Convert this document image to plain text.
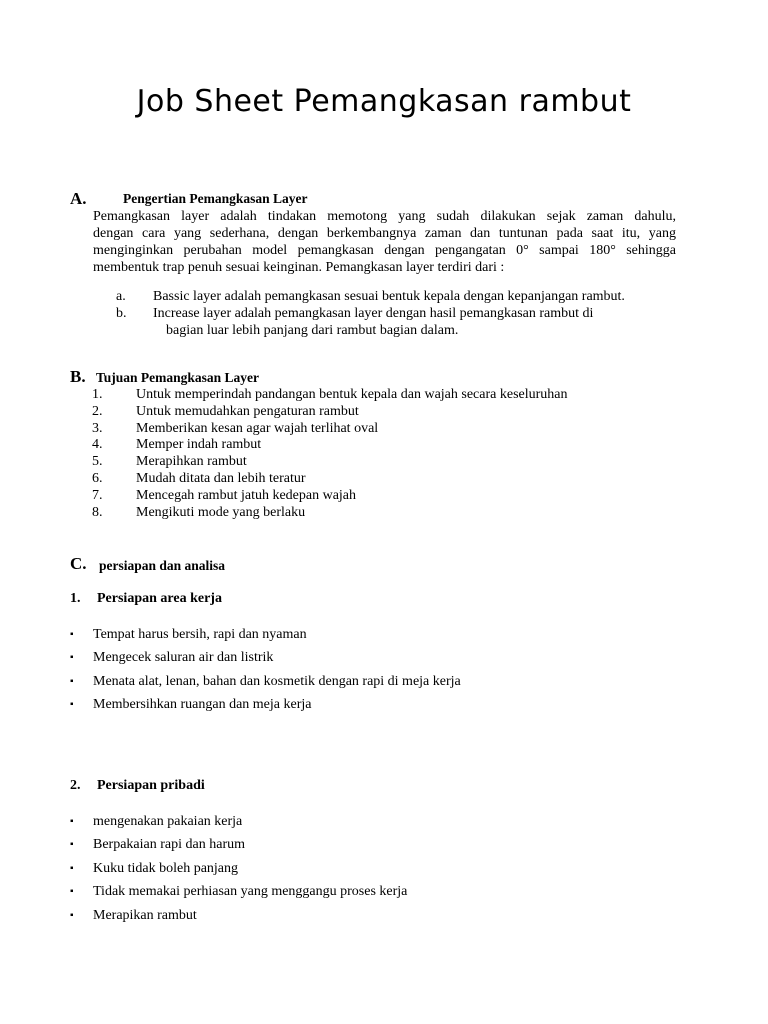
Job Sheet Pemangkasan rambut
A.	Pengertian Pemangkasan Layer
Pemangkasan layer adalah tindakan memotong yang sudah dilakukan sejak zaman dahulu,
dengan cara yang sederhana, dengan berkembangnya zaman dan tuntunan pada saat itu, yang
menginginkan perubahan model pemangkasan dengan pengangatan 0° sampai 180° sehingga
membentuk trap penuh sesuai keinginan. Pemangkasan layer terdiri dari :
a. Bassic layer adalah pemangkasan sesuai bentuk kepala dengan kepanjangan rambut.
b. Increase layer adalah pemangkasan layer dengan hasil pemangkasan rambut di
bagian luar lebih panjang dari rambut bagian dalam.
B. Tujuan Pemangkasan Layer
1. Untuk memperindah pandangan bentuk kepala dan wajah secara keseluruhan
2. Untuk memudahkan pengaturan rambut
3. Memberikan kesan agar wajah terlihat oval
4. Memper indah rambut
5. Merapihkan rambut
6. Mudah ditata dan lebih teratur
7. Mencegah rambut jatuh kedepan wajah
8. Mengikuti mode yang berlaku
C. persiapan dan analisa
1. Persiapan area kerja
▪ Tempat harus bersih, rapi dan nyaman
▪ Mengecek saluran air dan listrik
▪ Menata alat, lenan, bahan dan kosmetik dengan rapi di meja kerja
▪ Membersihkan ruangan dan meja kerja
2. Persiapan pribadi
▪ mengenakan pakaian kerja
▪ Berpakaian rapi dan harum
▪ Kuku tidak boleh panjang
▪ Tidak memakai perhiasan yang menggangu proses kerja
▪ Merapikan rambut
